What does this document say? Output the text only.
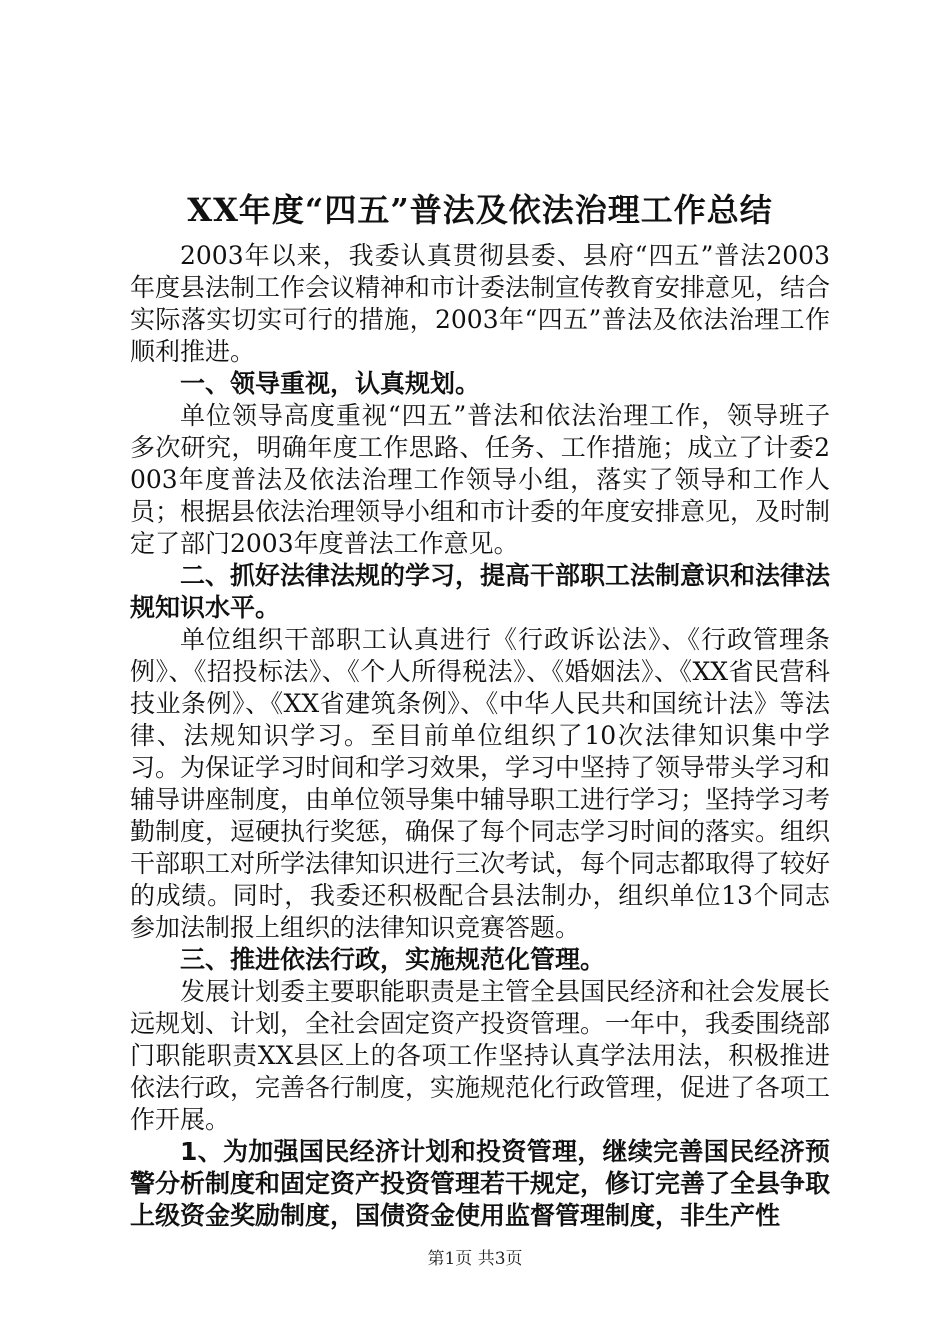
XX年度“四五”普法及依法治理工作总结

2003年以来，我委认真贯彻县委、县府“四五”普法2003年度县法制工作会议精神和市计委法制宣传教育安排意见，结合实际落实切实可行的措施，2003年“四五”普法及依法治理工作顺利推进。

一、领导重视，认真规划。

单位领导高度重视“四五”普法和依法治理工作，领导班子多次研究，明确年度工作思路、任务、工作措施；成立了计委2003年度普法及依法治理工作领导小组，落实了领导和工作人员；根据县依法治理领导小组和市计委的年度安排意见，及时制定了部门2003年度普法工作意见。

二、抓好法律法规的学习，提高干部职工法制意识和法律法规知识水平。

单位组织干部职工认真进行《行政诉讼法》、《行政管理条例》、《招投标法》、《个人所得税法》、《婚姻法》、《XX省民营科技业条例》、《XX省建筑条例》、《中华人民共和国统计法》等法律、法规知识学习。至目前单位组织了10次法律知识集中学习。为保证学习时间和学习效果，学习中坚持了领导带头学习和辅导讲座制度，由单位领导集中辅导职工进行学习；坚持学习考勤制度，逗硬执行奖惩，确保了每个同志学习时间的落实。组织干部职工对所学法律知识进行三次考试，每个同志都取得了较好的成绩。同时，我委还积极配合县法制办，组织单位13个同志参加法制报上组织的法律知识竞赛答题。

三、推进依法行政，实施规范化管理。

发展计划委主要职能职责是主管全县国民经济和社会发展长远规划、计划，全社会固定资产投资管理。一年中，我委围绕部门职能职责XX县区上的各项工作坚持认真学法用法，积极推进依法行政，完善各行制度，实施规范化行政管理，促进了各项工作开展。

1、为加强国民经济计划和投资管理，继续完善国民经济预警分析制度和固定资产投资管理若干规定，修订完善了全县争取上级资金奖励制度，国债资金使用监督管理制度，非生产性

第1页 共3页
